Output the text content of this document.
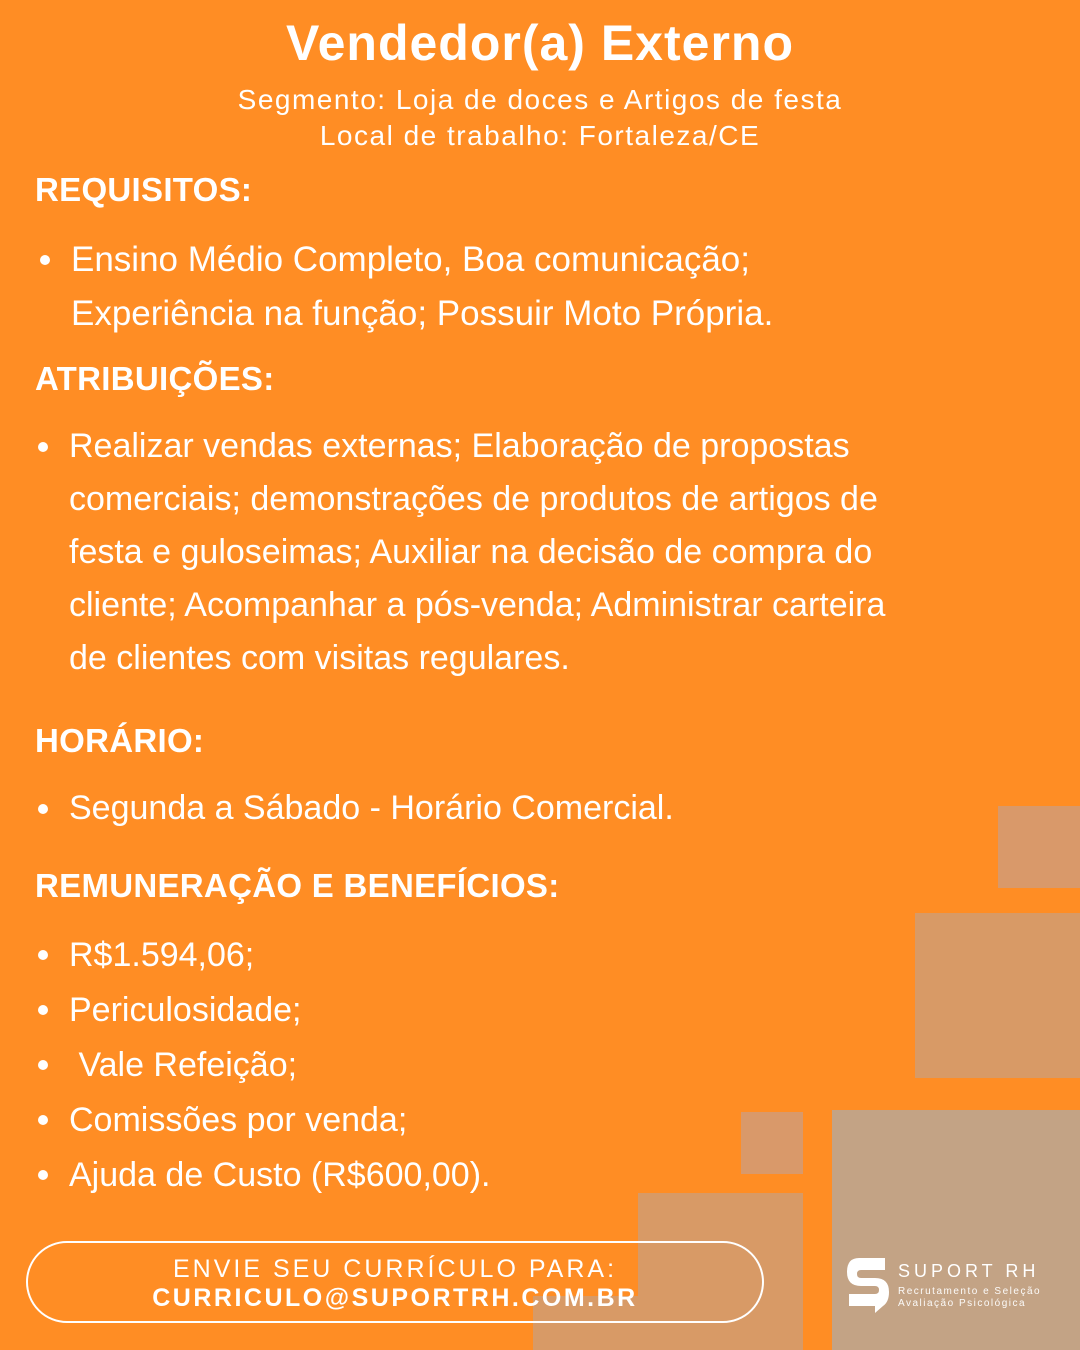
Vendedor(a) Externo

Segmento: Loja de doces e Artigos de festa

Local de trabalho: Fortaleza/CE

REQUISITOS:
Ensino Médio Completo, Boa comunicação;
Experiência na função; Possuir Moto Própria.
ATRIBUIÇÕES:
Realizar vendas externas; Elaboração de propostas
comerciais; demonstrações de produtos de artigos de
festa e guloseimas; Auxiliar na decisão de compra do
cliente; Acompanhar a pós-venda; Administrar carteira
de clientes com visitas regulares.
HORÁRIO:
Segunda a Sábado - Horário Comercial.
REMUNERAÇÃO E BENEFÍCIOS:
R$1.594,06;
Periculosidade;
Vale Refeição;
Comissões por venda;
Ajuda de Custo (R$600,00).
ENVIE SEU CURRÍCULO PARA:
CURRICULO@SUPORTRH.COM.BR
SUPORT RH
Recrutamento e Seleção
Avaliação Psicológica
